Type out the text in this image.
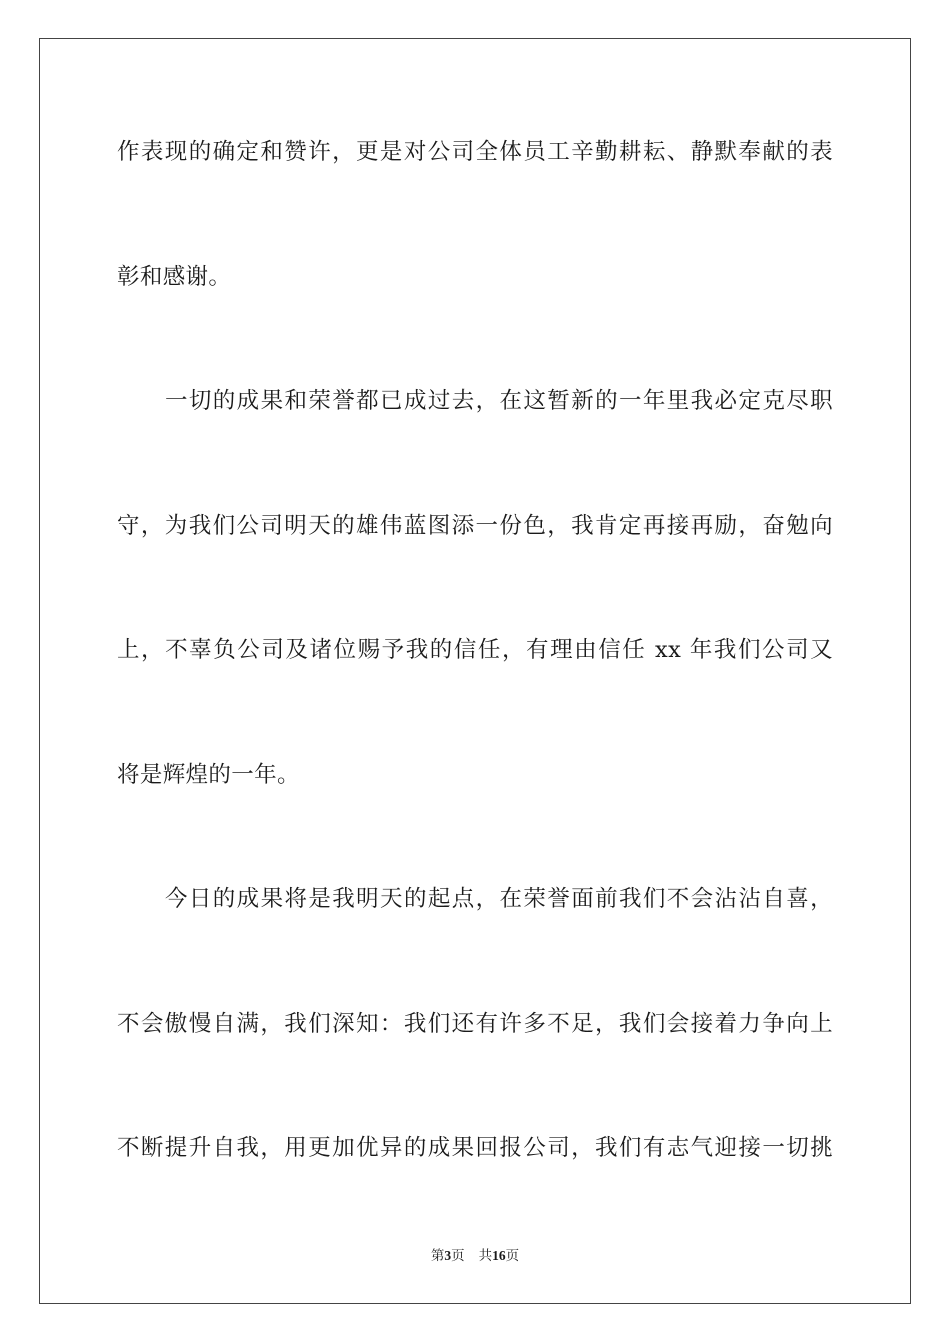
作表现的确定和赞许，更是对公司全体员工辛勤耕耘、静默奉献的表
彰和感谢。
一切的成果和荣誉都已成过去，在这暂新的一年里我必定克尽职
守，为我们公司明天的雄伟蓝图添一份色，我肯定再接再励，奋勉向
上，不辜负公司及诸位赐予我的信任，有理由信任 xx 年我们公司又
将是辉煌的一年。
今日的成果将是我明天的起点，在荣誉面前我们不会沾沾自喜，
不会傲慢自满，我们深知：我们还有许多不足，我们会接着力争向上
不断提升自我，用更加优异的成果回报公司，我们有志气迎接一切挑
第3页 共16页
